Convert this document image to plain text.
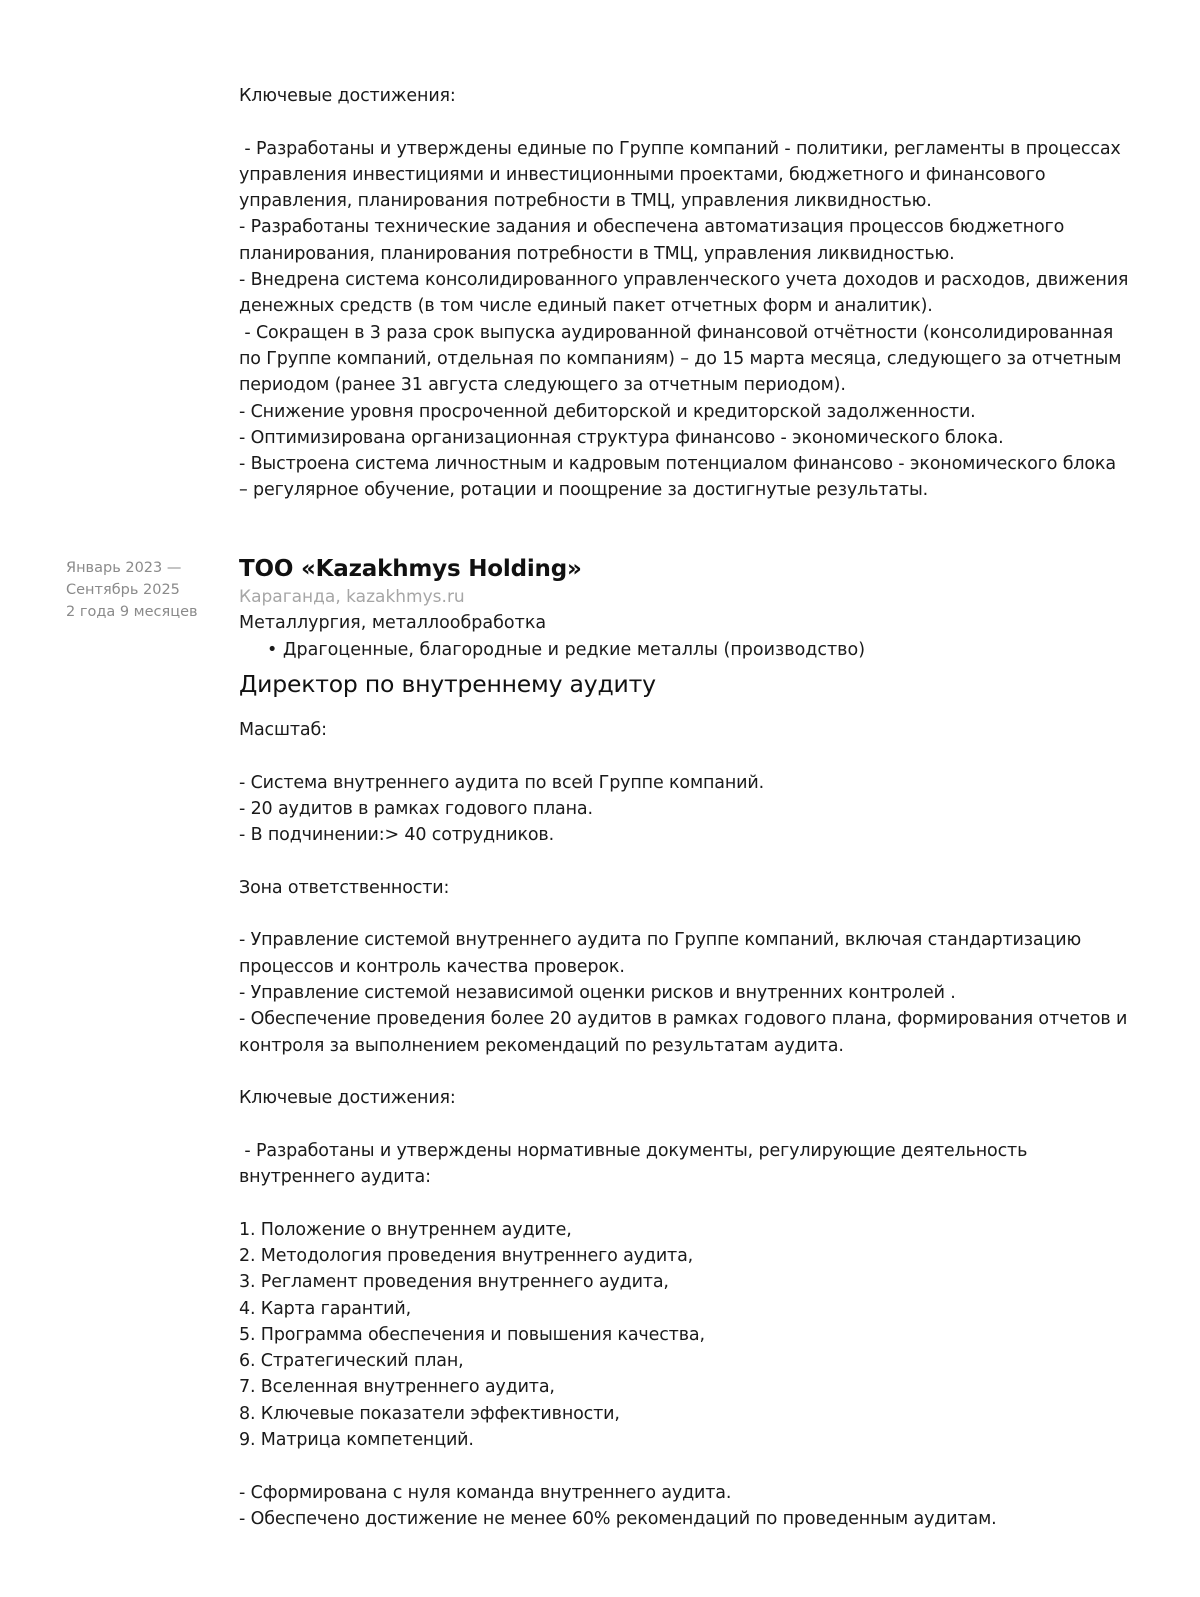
Ключевые достижения:
- Разработаны и утверждены единые по Группе компаний - политики, регламенты в процессах
управления инвестициями и инвестиционными проектами, бюджетного и финансового
управления, планирования потребности в ТМЦ, управления ликвидностью.
- Разработаны технические задания и обеспечена автоматизация процессов бюджетного
планирования, планирования потребности в ТМЦ, управления ликвидностью.
- Внедрена система консолидированного управленческого учета доходов и расходов, движения
денежных средств (в том числе единый пакет отчетных форм и аналитик).
- Сокращен в 3 раза срок выпуска аудированной финансовой отчётности (консолидированная
по Группе компаний, отдельная по компаниям) – до 15 марта месяца, следующего за отчетным
периодом (ранее 31 августа следующего за отчетным периодом).
- Снижение уровня просроченной дебиторской и кредиторской задолженности.
- Оптимизирована организационная структура финансово - экономического блока.
- Выстроена система личностным и кадровым потенциалом финансово - экономического блока
– регулярное обучение, ротации и поощрение за достигнутые результаты.
Январь 2023 —
Сентябрь 2025
2 года 9 месяцев
ТОО «Kazakhmys Holding»
Караганда, kazakhmys.ru
Металлургия, металлообработка
• Драгоценные, благородные и редкие металлы (производство)
Директор по внутреннему аудиту
Масштаб:
- Система внутреннего аудита по всей Группе компаний.
- 20 аудитов в рамках годового плана.
- В подчинении:> 40 сотрудников.
Зона ответственности:
- Управление системой внутреннего аудита по Группе компаний, включая стандартизацию
процессов и контроль качества проверок.
- Управление системой независимой оценки рисков и внутренних контролей .
- Обеспечение проведения более 20 аудитов в рамках годового плана, формирования отчетов и
контроля за выполнением рекомендаций по результатам аудита.
Ключевые достижения:
- Разработаны и утверждены нормативные документы, регулирующие деятельность
внутреннего аудита:
1. Положение о внутреннем аудите,
2. Методология проведения внутреннего аудита,
3. Регламент проведения внутреннего аудита,
4. Карта гарантий,
5. Программа обеспечения и повышения качества,
6. Стратегический план,
7. Вселенная внутреннего аудита,
8. Ключевые показатели эффективности,
9. Матрица компетенций.
- Сформирована с нуля команда внутреннего аудита.
- Обеспечено достижение не менее 60% рекомендаций по проведенным аудитам.
